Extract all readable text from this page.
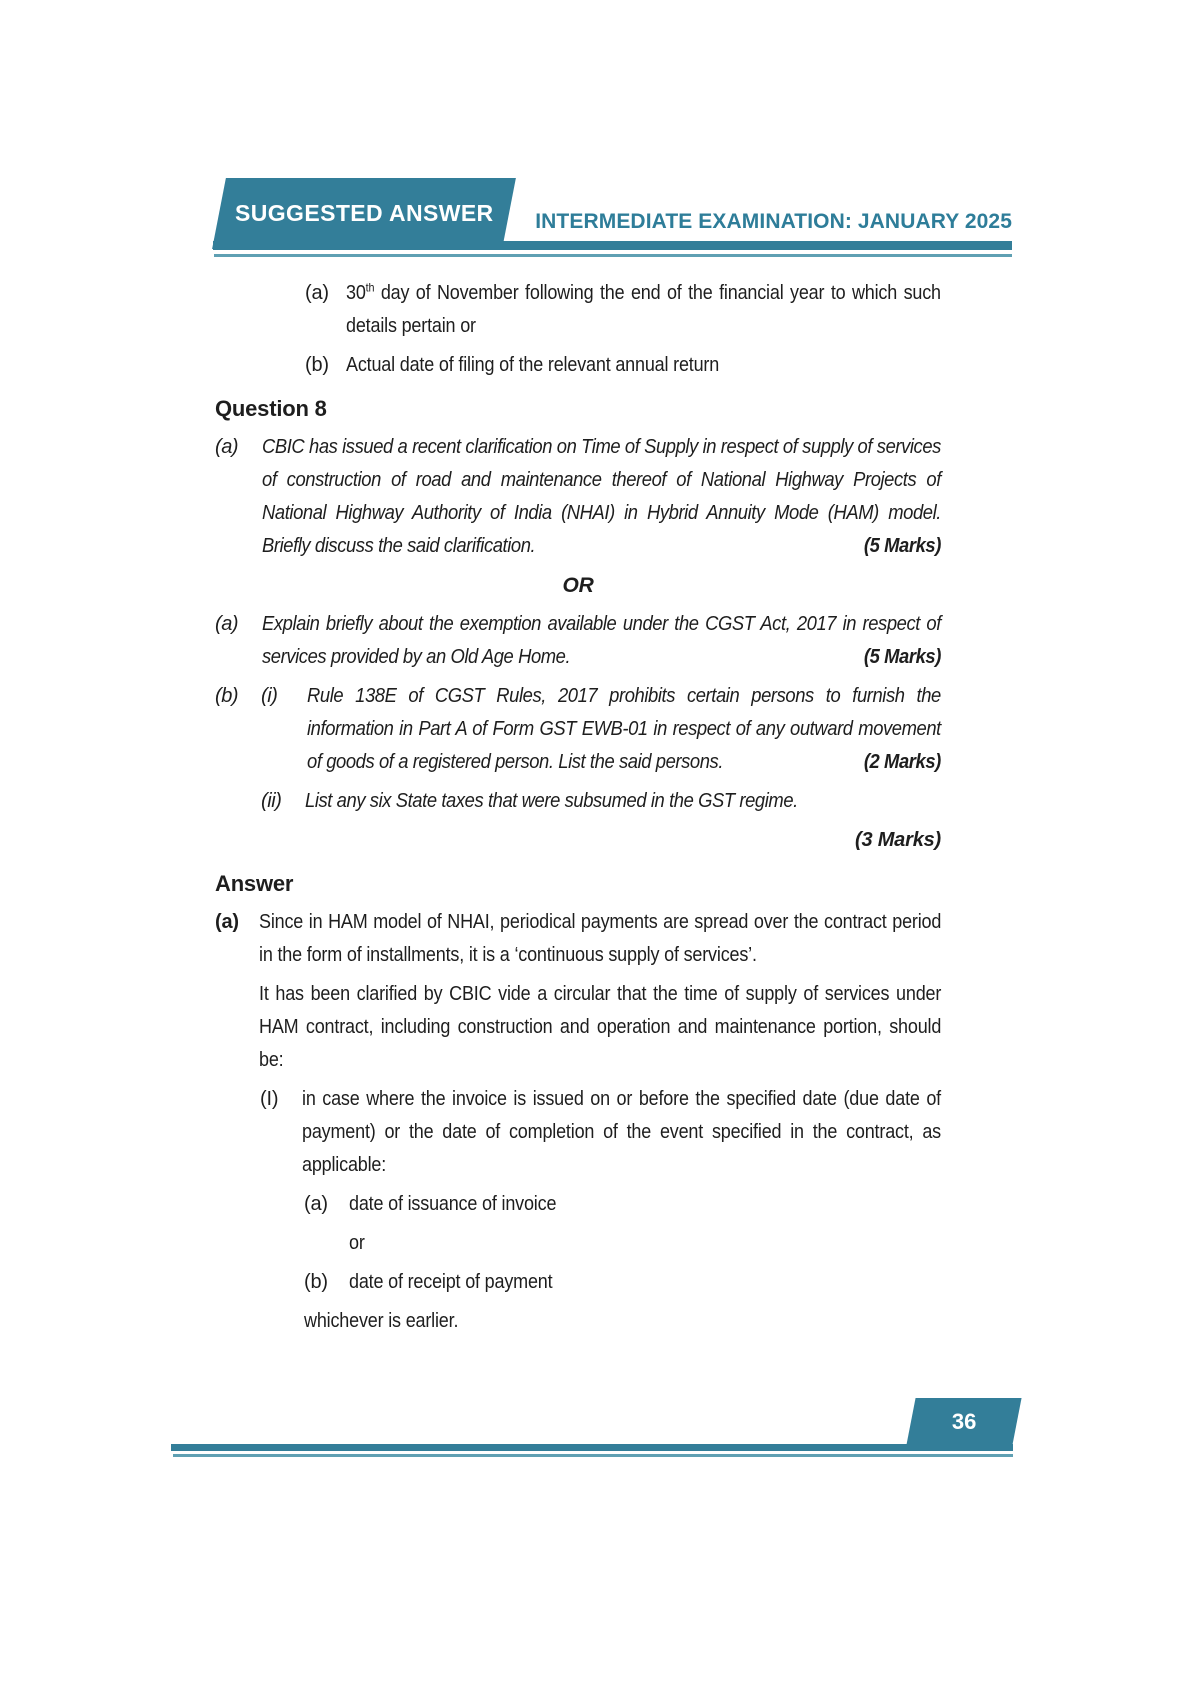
SUGGESTED ANSWER	INTERMEDIATE EXAMINATION: JANUARY 2025
(a) 30th day of November following the end of the financial year to which such details pertain or
(b) Actual date of filing of the relevant annual return
Question 8
(a)	CBIC has issued a recent clarification on Time of Supply in respect of supply of services of construction of road and maintenance thereof of National Highway Projects of National Highway Authority of India (NHAI) in Hybrid Annuity Mode (HAM) model. Briefly discuss the said clarification.	(5 Marks)
OR
(a)	Explain briefly about the exemption available under the CGST Act, 2017 in respect of services provided by an Old Age Home.	(5 Marks)
(b)	(i)	Rule 138E of CGST Rules, 2017 prohibits certain persons to furnish the information in Part A of Form GST EWB-01 in respect of any outward movement of goods of a registered person. List the said persons.	(2 Marks)
(ii)	List any six State taxes that were subsumed in the GST regime.
(3 Marks)
Answer
(a)	Since in HAM model of NHAI, periodical payments are spread over the contract period in the form of installments, it is a ‘continuous supply of services’.
It has been clarified by CBIC vide a circular that the time of supply of services under HAM contract, including construction and operation and maintenance portion, should be:
(I)	in case where the invoice is issued on or before the specified date (due date of payment) or the date of completion of the event specified in the contract, as applicable:
(a)	date of issuance of invoice
or
(b)	date of receipt of payment
whichever is earlier.
36
